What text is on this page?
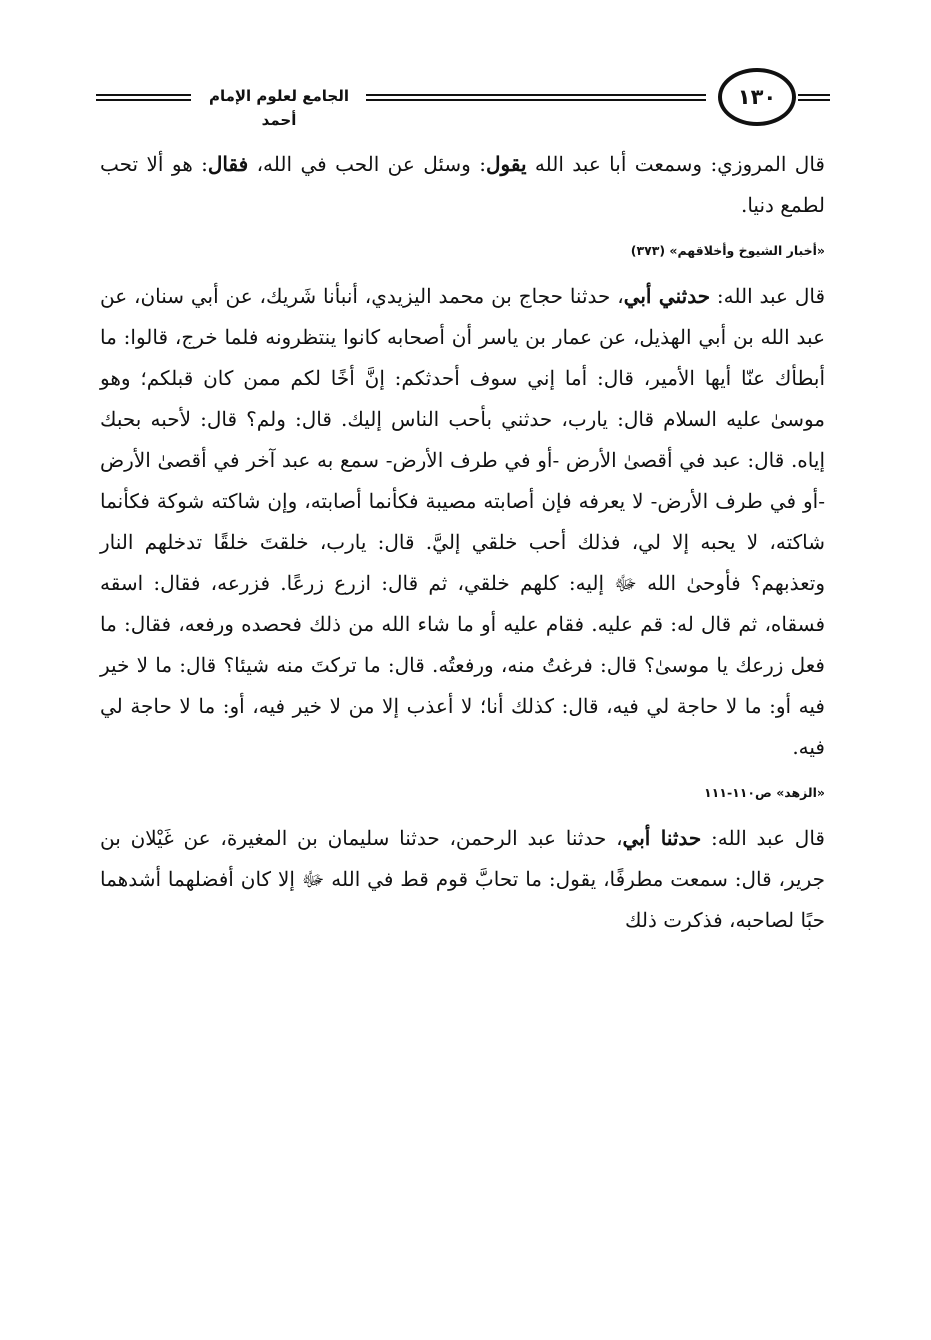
الجامع لعلوم الإمام أحمد
١٣٠

قال المروزي: وسمعت أبا عبد الله يقول: وسئل عن الحب في الله، فقال: هو ألا تحب لطمع دنيا.

«أخبار الشيوخ وأخلاقهم» (٣٧٣)

قال عبد الله: حدثني أبي، حدثنا حجاج بن محمد اليزيدي، أنبأنا شَريك، عن أبي سنان، عن عبد الله بن أبي الهذيل، عن عمار بن ياسر أن أصحابه كانوا ينتظرونه فلما خرج، قالوا: ما أبطأك عنّا أيها الأمير، قال: أما إني سوف أحدثكم: إنَّ أخًا لكم ممن كان قبلكم؛ وهو موسىٰ عليه السلام قال: يارب، حدثني بأحب الناس إليك. قال: ولم؟ قال: لأحبه بحبك إياه. قال: عبد في أقصىٰ الأرض -أو في طرف الأرض- سمع به عبد آخر في أقصىٰ الأرض -أو في طرف الأرض- لا يعرفه فإن أصابته مصيبة فكأنما أصابته، وإن شاكته شوكة فكأنما شاكته، لا يحبه إلا لي، فذلك أحب خلقي إليَّ. قال: يارب، خلقتَ خلقًا تدخلهم النار وتعذبهم؟ فأوحىٰ الله ﷻ إليه: كلهم خلقي، ثم قال: ازرع زرعًا. فزرعه، فقال: اسقه فسقاه، ثم قال له: قم عليه. فقام عليه أو ما شاء الله من ذلك فحصده ورفعه، فقال: ما فعل زرعك يا موسىٰ؟ قال: فرغتُ منه، ورفعتُه. قال: ما تركتَ منه شيئا؟ قال: ما لا خير فيه أو: ما لا حاجة لي فيه، قال: كذلك أنا؛ لا أعذب إلا من لا خير فيه، أو: ما لا حاجة لي فيه.

«الزهد» ص١١٠-١١١

قال عبد الله: حدثنا أبي، حدثنا عبد الرحمن، حدثنا سليمان بن المغيرة، عن غَيْلان بن جرير، قال: سمعت مطرفًا، يقول: ما تحابَّ قوم قط في الله ﷻ إلا كان أفضلهما أشدهما حبًا لصاحبه، فذكرت ذلك
